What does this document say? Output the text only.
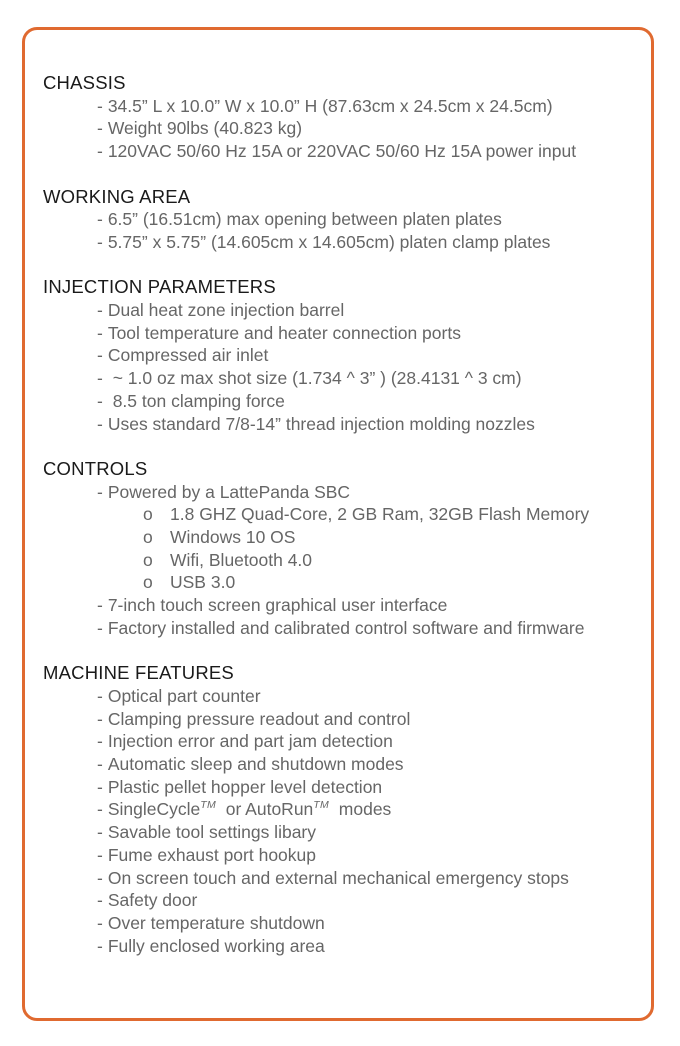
CHASSIS
- 34.5” L x 10.0” W x 10.0” H (87.63cm x 24.5cm x 24.5cm)
- Weight 90lbs (40.823 kg)
- 120VAC 50/60 Hz 15A or 220VAC 50/60 Hz 15A power input
WORKING AREA
- 6.5” (16.51cm) max opening between platen plates
- 5.75” x 5.75” (14.605cm x 14.605cm) platen clamp plates
INJECTION PARAMETERS
- Dual heat zone injection barrel
- Tool temperature and heater connection ports
- Compressed air inlet
- ~ 1.0 oz max shot size (1.734 ^ 3” ) (28.4131 ^ 3 cm)
- 8.5 ton clamping force
- Uses standard 7/8-14” thread injection molding nozzles
CONTROLS
- Powered by a LattePanda SBC
o 1.8 GHZ Quad-Core, 2 GB Ram, 32GB Flash Memory
o Windows 10 OS
o Wifi, Bluetooth 4.0
o USB 3.0
- 7-inch touch screen graphical user interface
- Factory installed and calibrated control software and firmware
MACHINE FEATURES
- Optical part counter
- Clamping pressure readout and control
- Injection error and part jam detection
- Automatic sleep and shutdown modes
- Plastic pellet hopper level detection
- SingleCycle™  or AutoRun™  modes
- Savable tool settings libary
- Fume exhaust port hookup
- On screen touch and external mechanical emergency stops
- Safety door
- Over temperature shutdown
- Fully enclosed working area
